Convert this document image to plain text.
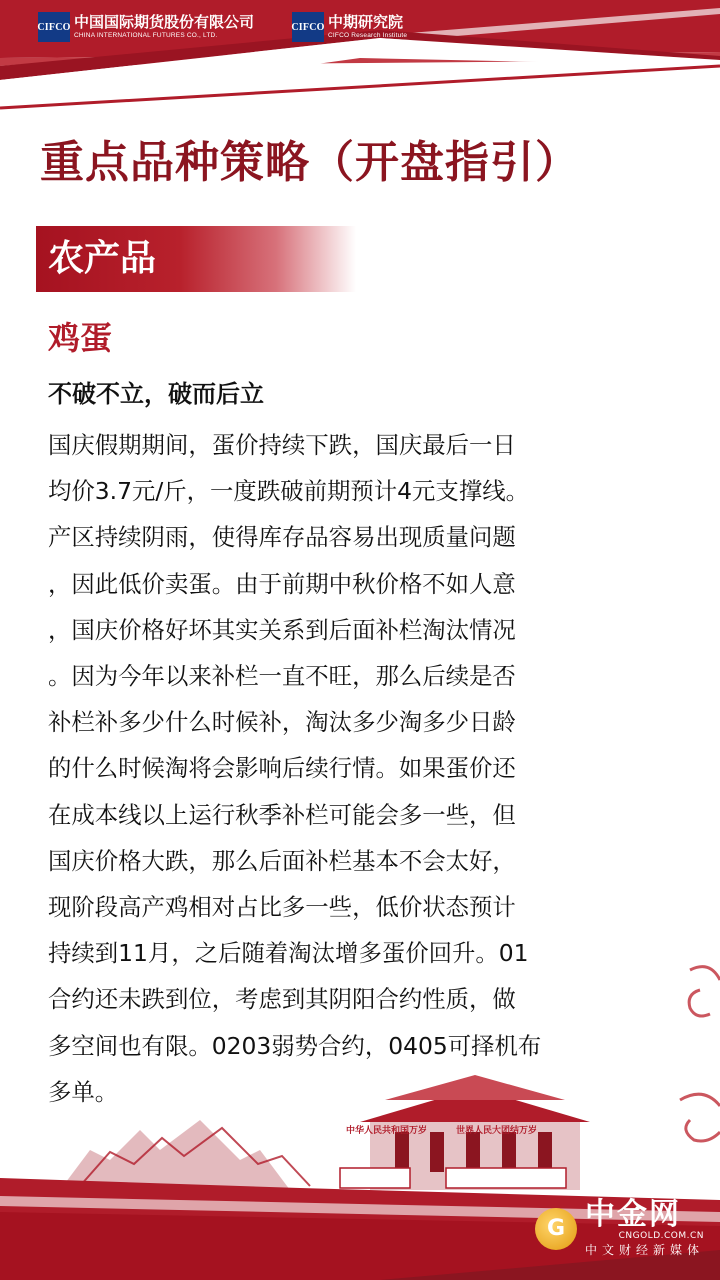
CIFCO 中国国际期货股份有限公司
CHINA INTERNATIONAL FUTURES CO., LTD.
CIFCO 中期研究院
CIFCO Research Institute
重点品种策略（开盘指引）
农产品
鸡蛋
不破不立，破而后立
国庆假期期间，蛋价持续下跌，国庆最后一日
均价3.7元/斤，一度跌破前期预计4元支撑线。
产区持续阴雨，使得库存品容易出现质量问题
，因此低价卖蛋。由于前期中秋价格不如人意
，国庆价格好坏其实关系到后面补栏淘汰情况
。因为今年以来补栏一直不旺，那么后续是否
补栏补多少什么时候补，淘汰多少淘多少日龄
的什么时候淘将会影响后续行情。如果蛋价还
在成本线以上运行秋季补栏可能会多一些，但
国庆价格大跌，那么后面补栏基本不会太好，
现阶段高产鸡相对占比多一些，低价状态预计
持续到11月，之后随着淘汰增多蛋价回升。01
合约还未跌到位，考虑到其阴阳合约性质，做
多空间也有限。0203弱势合约，0405可择机布
多单。
中华人民共和国万岁	世界人民大团结万岁
G 中金网
CNGOLD.COM.CN
中文财经新媒体
